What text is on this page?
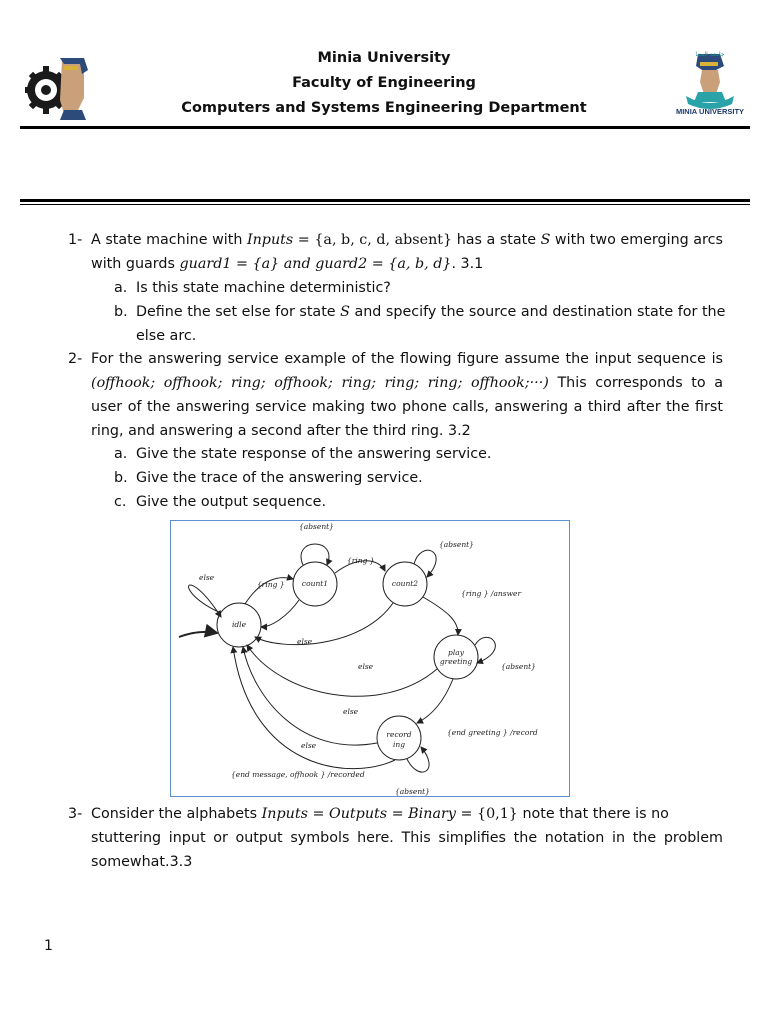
جامعة المنيا
MINIA UNIVERSITY
Minia University
Faculty of Engineering
Computers and Systems Engineering Department
1- A state machine with Inputs = {a, b, c, d, absent} has a state S with two emerging arcs
with guards guard1 = {a} and guard2 = {a, b, d}. 3.1
a. Is this state machine deterministic?
b. Define the set else for state S and specify the source and destination state for the
else arc.
2- For the answering service example of the flowing figure assume the input sequence is
(offhook; offhook; ring; offhook; ring; ring; ring; offhook;···) This corresponds to a
user of the answering service making two phone calls, answering a third after the first
ring, and answering a second after the third ring. 3.2
a. Give the state response of the answering service.
b. Give the trace of the answering service.
c. Give the output sequence.
idle
count1	count2
play
greeting
record
ing
{absent}
{absent}
{absent}
{absent}
{ring }
{ring }
{ring } /answer
else
else
else
else
else
{end greeting } /record
{end message, offhook } /recorded
3- Consider the alphabets Inputs = Outputs = Binary = {0,1} note that there is no
stuttering input or output symbols here. This simplifies the notation in the problem
somewhat.3.3
1
